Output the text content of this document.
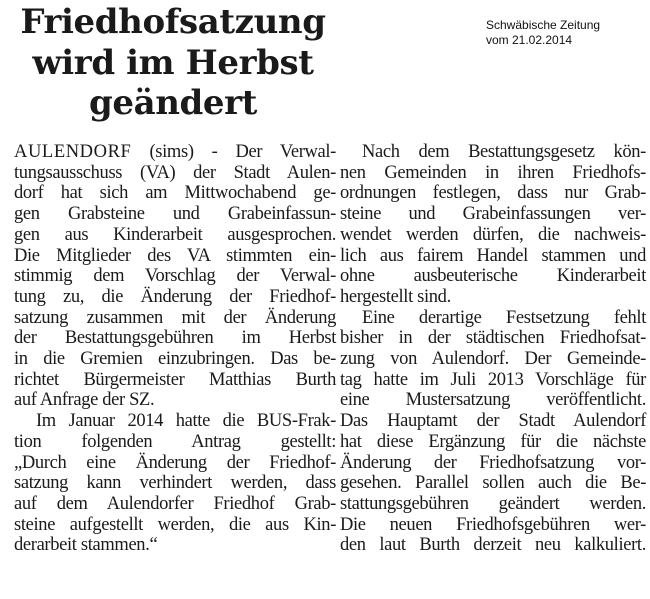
Friedhofsatzung
wird im Herbst
geändert
Schwäbische Zeitung
vom 21.02.2014
AULENDORF (sims) - Der Verwal-
tungsausschuss (VA) der Stadt Aulen-
dorf hat sich am Mittwochabend ge-
gen Grabsteine und Grabeinfassun-
gen aus Kinderarbeit ausgesprochen.
Die Mitglieder des VA stimmten ein-
stimmig dem Vorschlag der Verwal-
tung zu, die Änderung der Friedhof-
satzung zusammen mit der Änderung
der Bestattungsgebühren im Herbst
in die Gremien einzubringen. Das be-
richtet Bürgermeister Matthias Burth
auf Anfrage der SZ.
Im Januar 2014 hatte die BUS-Frak-
tion folgenden Antrag gestellt:
„Durch eine Änderung der Friedhof-
satzung kann verhindert werden, dass
auf dem Aulendorfer Friedhof Grab-
steine aufgestellt werden, die aus Kin-
derarbeit stammen.“
Nach dem Bestattungsgesetz kön-
nen Gemeinden in ihren Friedhofs-
ordnungen festlegen, dass nur Grab-
steine und Grabeinfassungen ver-
wendet werden dürfen, die nachweis-
lich aus fairem Handel stammen und
ohne ausbeuterische Kinderarbeit
hergestellt sind.
Eine derartige Festsetzung fehlt
bisher in der städtischen Friedhofsat-
zung von Aulendorf. Der Gemeinde-
tag hatte im Juli 2013 Vorschläge für
eine Mustersatzung veröffentlicht.
Das Hauptamt der Stadt Aulendorf
hat diese Ergänzung für die nächste
Änderung der Friedhofsatzung vor-
gesehen. Parallel sollen auch die Be-
stattungsgebühren geändert werden.
Die neuen Friedhofsgebühren wer-
den laut Burth derzeit neu kalkuliert.
